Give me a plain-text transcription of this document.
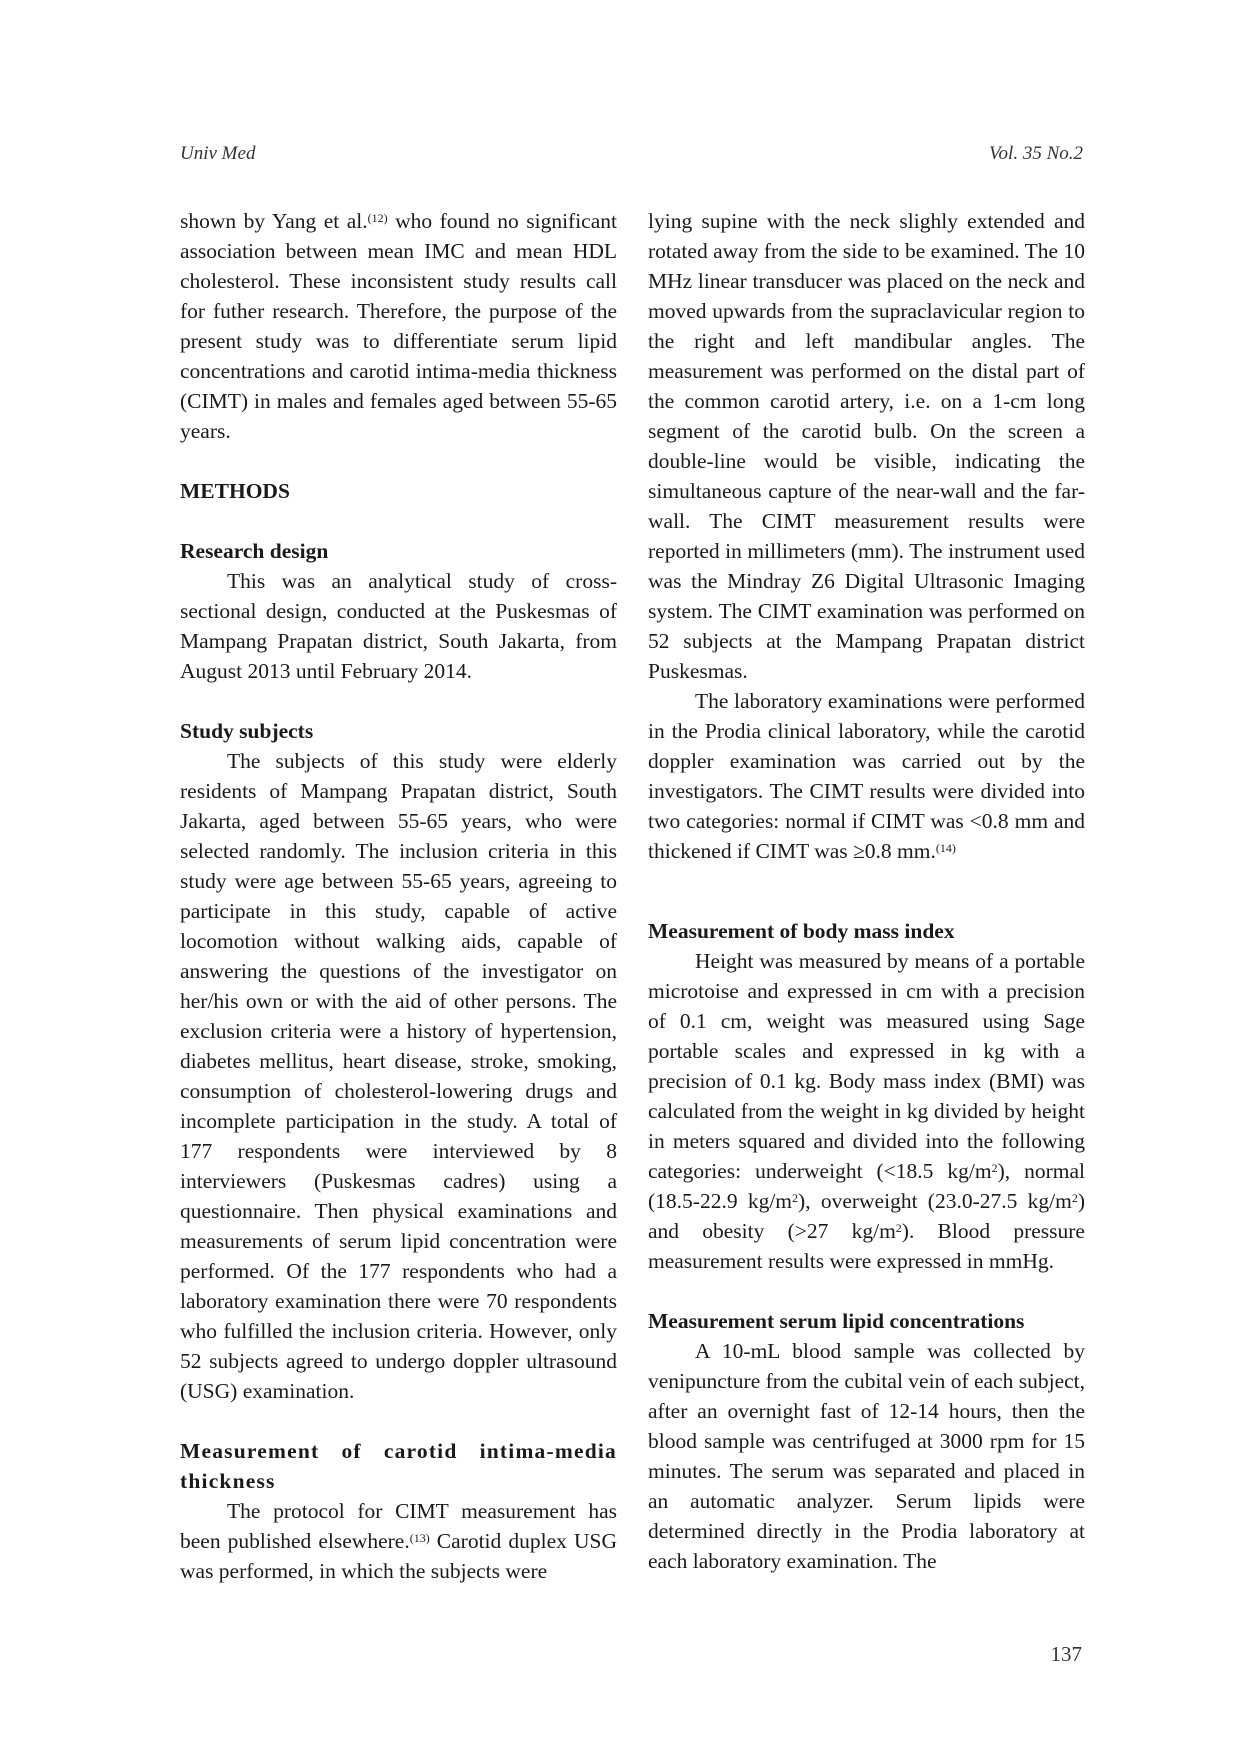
Univ Med	Vol. 35 No.2

shown by Yang et al.$^{(12)}$ who found no significant association between mean IMC and mean HDL cholesterol. These inconsistent study results call for futher research. Therefore, the purpose of the present study was to differentiate serum lipid concentrations and carotid intima-media thickness (CIMT) in males and females aged between 55-65 years.

METHODS
Research design

This was an analytical study of cross-sectional design, conducted at the Puskesmas of Mampang Prapatan district, South Jakarta, from August 2013 until February 2014.

Study subjects

The subjects of this study were elderly residents of Mampang Prapatan district, South Jakarta, aged between 55-65 years, who were selected randomly. The inclusion criteria in this study were age between 55-65 years, agreeing to participate in this study, capable of active locomotion without walking aids, capable of answering the questions of the investigator on her/his own or with the aid of other persons. The exclusion criteria were a history of hypertension, diabetes mellitus, heart disease, stroke, smoking, consumption of cholesterol-lowering drugs and incomplete participation in the study. A total of 177 respondents were interviewed by 8 interviewers (Puskesmas cadres) using a questionnaire. Then physical examinations and measurements of serum lipid concentration were performed. Of the 177 respondents who had a laboratory examination there were 70 respondents who fulfilled the inclusion criteria. However, only 52 subjects agreed to undergo doppler ultrasound (USG) examination.

Measurement of carotid intima-media thickness

The protocol for CIMT measurement has been published elsewhere.$^{(13)}$ Carotid duplex USG was performed, in which the subjects were

lying supine with the neck slighly extended and rotated away from the side to be examined. The 10 MHz linear transducer was placed on the neck and moved upwards from the supraclavicular region to the right and left mandibular angles. The measurement was performed on the distal part of the common carotid artery, i.e. on a 1-cm long segment of the carotid bulb. On the screen a double-line would be visible, indicating the simultaneous capture of the near-wall and the far-wall. The CIMT measurement results were reported in millimeters (mm). The instrument used was the Mindray Z6 Digital Ultrasonic Imaging system. The CIMT examination was performed on 52 subjects at the Mampang Prapatan district Puskesmas.

The laboratory examinations were performed in the Prodia clinical laboratory, while the carotid doppler examination was carried out by the investigators. The CIMT results were divided into two categories: normal if CIMT was <0.8 mm and thickened if CIMT was ≥0.8 mm.$^{(14)}$

Measurement of body mass index

Height was measured by means of a portable microtoise and expressed in cm with a precision of 0.1 cm, weight was measured using Sage portable scales and expressed in kg with a precision of 0.1 kg. Body mass index (BMI) was calculated from the weight in kg divided by height in meters squared and divided into the following categories: underweight (<18.5 $kg/m^2$), normal (18.5-22.9 $kg/m^2$), overweight (23.0-27.5 $kg/m^2$) and obesity (>27 $kg/m^2$). Blood pressure measurement results were expressed in mmHg.

Measurement serum lipid concentrations

A 10-mL blood sample was collected by venipuncture from the cubital vein of each subject, after an overnight fast of 12-14 hours, then the blood sample was centrifuged at 3000 rpm for 15 minutes. The serum was separated and placed in an automatic analyzer. Serum lipids were determined directly in the Prodia laboratory at each laboratory examination. The

137
